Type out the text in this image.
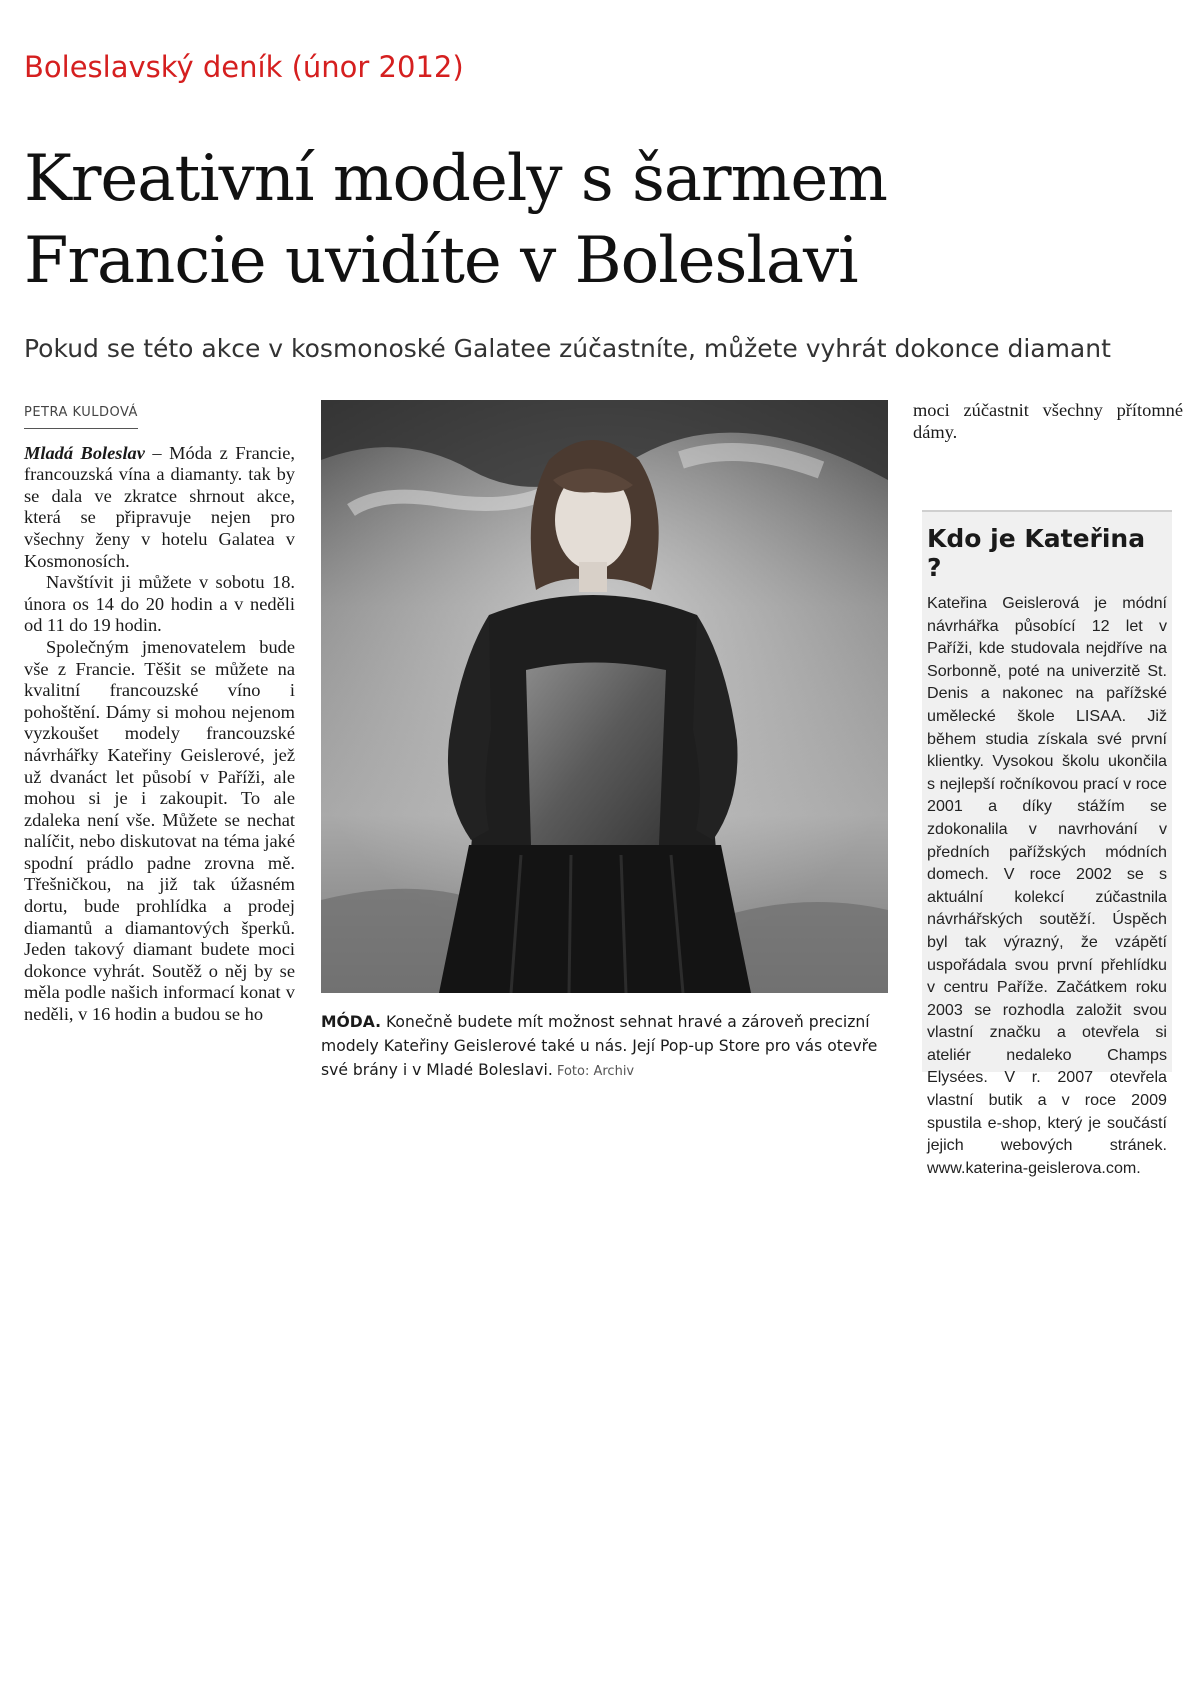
Boleslavský deník (únor 2012)
Kreativní modely s šarmem Francie uvidíte v Boleslavi

Pokud se této akce v kosmonoské Galatee zúčastníte, můžete vyhrát dokonce diamant

PETRA KULDOVÁ

Mladá Boleslav – Móda z Francie, francouzská vína a diamanty. tak by se dala ve zkratce shrnout akce, která se připravuje nejen pro všechny ženy v hotelu Galatea v Kosmonosích.

Navštívit ji můžete v sobotu 18. února os 14 do 20 hodin a v neděli od 11 do 19 hodin.

Společným jmenovatelem bude vše z Francie. Těšit se můžete na kvalitní francouzské víno i pohoštění. Dámy si mohou nejenom vyzkoušet modely francouzské návrhářky Kateřiny Geislerové, jež už dvanáct let působí v Paříži, ale mohou si je i zakoupit. To ale zdaleka není vše. Můžete se nechat nalíčit, nebo diskutovat na téma jaké spodní prádlo padne zrovna mě. Třešničkou, na již tak úžasném dortu, bude prohlídka a prodej diamantů a diamantových šperků. Jeden takový diamant budete moci dokonce vyhrát. Soutěž o něj by se měla podle našich informací konat v neděli, v 16 hodin a budou se ho	MÓDA. Konečně budete mít možnost sehnat hravé a zároveň precizní modely Kateřiny Geislerové také u nás. Její Pop-up Store pro vás otevře své brány i v Mladé Boleslavi. Foto: Archiv

moci zúčastnit všechny přítomné dámy.

Kdo je Kateřina ?

Kateřina Geislerová je módní návrhářka působící 12 let v Paříži, kde studovala nejdříve na Sorbonně, poté na univerzitě St. Denis a nakonec na pařížské umělecké škole LISAA. Již během studia získala své první klientky. Vysokou školu ukončila s nejlepší ročníkovou prací v roce 2001 a díky stážím se zdokonalila v navrhování v předních pařížských módních domech. V roce 2002 se s aktuální kolekcí zúčastnila návrhářských soutěží. Úspěch byl tak výrazný, že vzápětí uspořádala svou první přehlídku v centru Paříže. Začátkem roku 2003 se rozhodla založit svou vlastní značku a otevřela si ateliér nedaleko Champs Elysées. V r. 2007 otevřela vlastní butik a v roce 2009 spustila e-shop, který je součástí jejich webových stránek. www.katerina-geislerova.com.
